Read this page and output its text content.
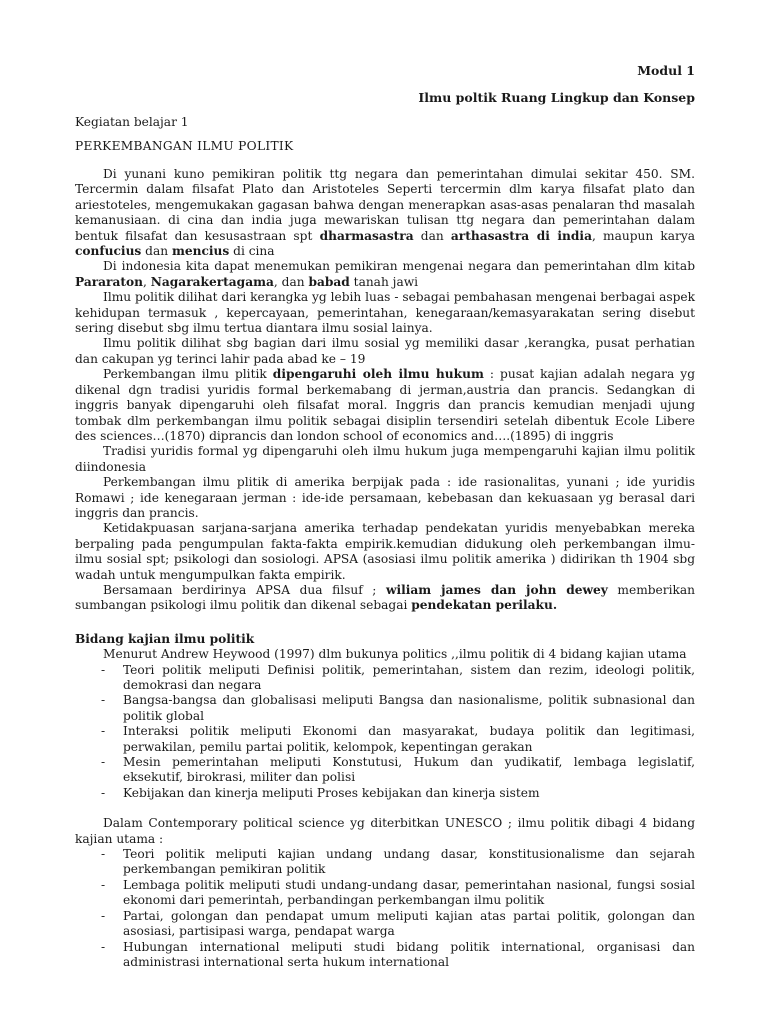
Modul 1
Ilmu poltik Ruang Lingkup dan Konsep
Kegiatan belajar 1
PERKEMBANGAN ILMU POLITIK

Di yunani kuno pemikiran politik ttg negara dan pemerintahan dimulai sekitar 450. SM. Tercermin dalam filsafat Plato dan Aristoteles Seperti tercermin dlm karya filsafat plato dan ariestoteles, mengemukakan gagasan bahwa dengan menerapkan asas-asas penalaran thd masalah kemanusiaan. di cina dan india juga mewariskan tulisan ttg negara dan pemerintahan dalam bentuk filsafat dan kesusastraan spt dharmasastra dan arthasastra di india, maupun karya confucius dan mencius di cina

Di indonesia kita dapat menemukan pemikiran mengenai negara dan pemerintahan dlm kitab Pararaton, Nagarakertagama, dan babad tanah jawi

Ilmu politik dilihat dari kerangka yg lebih luas - sebagai pembahasan mengenai berbagai aspek kehidupan termasuk , kepercayaan, pemerintahan, kenegaraan/kemasyarakatan sering disebut sering disebut sbg ilmu tertua diantara ilmu sosial lainya.

Ilmu politik dilihat sbg bagian dari ilmu sosial yg memiliki dasar ,kerangka, pusat perhatian dan cakupan yg terinci lahir pada abad ke – 19

Perkembangan ilmu plitik dipengaruhi oleh ilmu hukum : pusat kajian adalah negara yg dikenal dgn tradisi yuridis formal berkemabang di jerman,austria dan prancis. Sedangkan di inggris banyak dipengaruhi oleh filsafat moral. Inggris dan prancis kemudian menjadi ujung tombak dlm perkembangan ilmu politik sebagai disiplin tersendiri setelah dibentuk Ecole Libere des sciences…(1870) diprancis dan london school of economics and….(1895) di inggris

Tradisi yuridis formal yg dipengaruhi oleh ilmu hukum juga mempengaruhi kajian ilmu politik diindonesia

Perkembangan ilmu plitik di amerika berpijak pada : ide rasionalitas, yunani ; ide yuridis Romawi ; ide kenegaraan jerman : ide-ide persamaan, kebebasan dan kekuasaan yg berasal dari inggris dan prancis.

Ketidakpuasan sarjana-sarjana amerika terhadap pendekatan yuridis menyebabkan mereka berpaling pada pengumpulan fakta-fakta empirik.kemudian didukung oleh perkembangan ilmu-ilmu sosial spt; psikologi dan sosiologi. APSA (asosiasi ilmu politik amerika ) didirikan th 1904 sbg wadah untuk mengumpulkan fakta empirik.

Bersamaan berdirinya APSA dua filsuf ; wiliam james dan john dewey memberikan sumbangan psikologi ilmu politik dan dikenal sebagai pendekatan perilaku.

Bidang kajian ilmu politik

Menurut Andrew Heywood (1997) dlm bukunya politics ,,ilmu politik di 4 bidang kajian utama

- Teori politik meliputi Definisi politik, pemerintahan, sistem dan rezim, ideologi politik, demokrasi dan negara
- Bangsa-bangsa dan globalisasi meliputi Bangsa dan nasionalisme, politik subnasional dan politik global
- Interaksi politik meliputi Ekonomi dan masyarakat, budaya politik dan legitimasi, perwakilan, pemilu partai politik, kelompok, kepentingan gerakan
- Mesin pemerintahan meliputi Konstutusi, Hukum dan yudikatif, lembaga legislatif, eksekutif, birokrasi, militer dan polisi
- Kebijakan dan kinerja meliputi Proses kebijakan dan kinerja sistem

Dalam Contemporary political science yg diterbitkan UNESCO ; ilmu politik dibagi 4 bidang kajian utama :

- Teori politik meliputi kajian undang undang dasar, konstitusionalisme dan sejarah perkembangan pemikiran politik
- Lembaga politik meliputi studi undang-undang dasar, pemerintahan nasional, fungsi sosial ekonomi dari pemerintah, perbandingan perkembangan ilmu politik
- Partai, golongan dan pendapat umum meliputi kajian atas partai politik, golongan dan asosiasi, partisipasi warga, pendapat warga
- Hubungan international meliputi studi bidang politik international, organisasi dan administrasi international serta hukum international
